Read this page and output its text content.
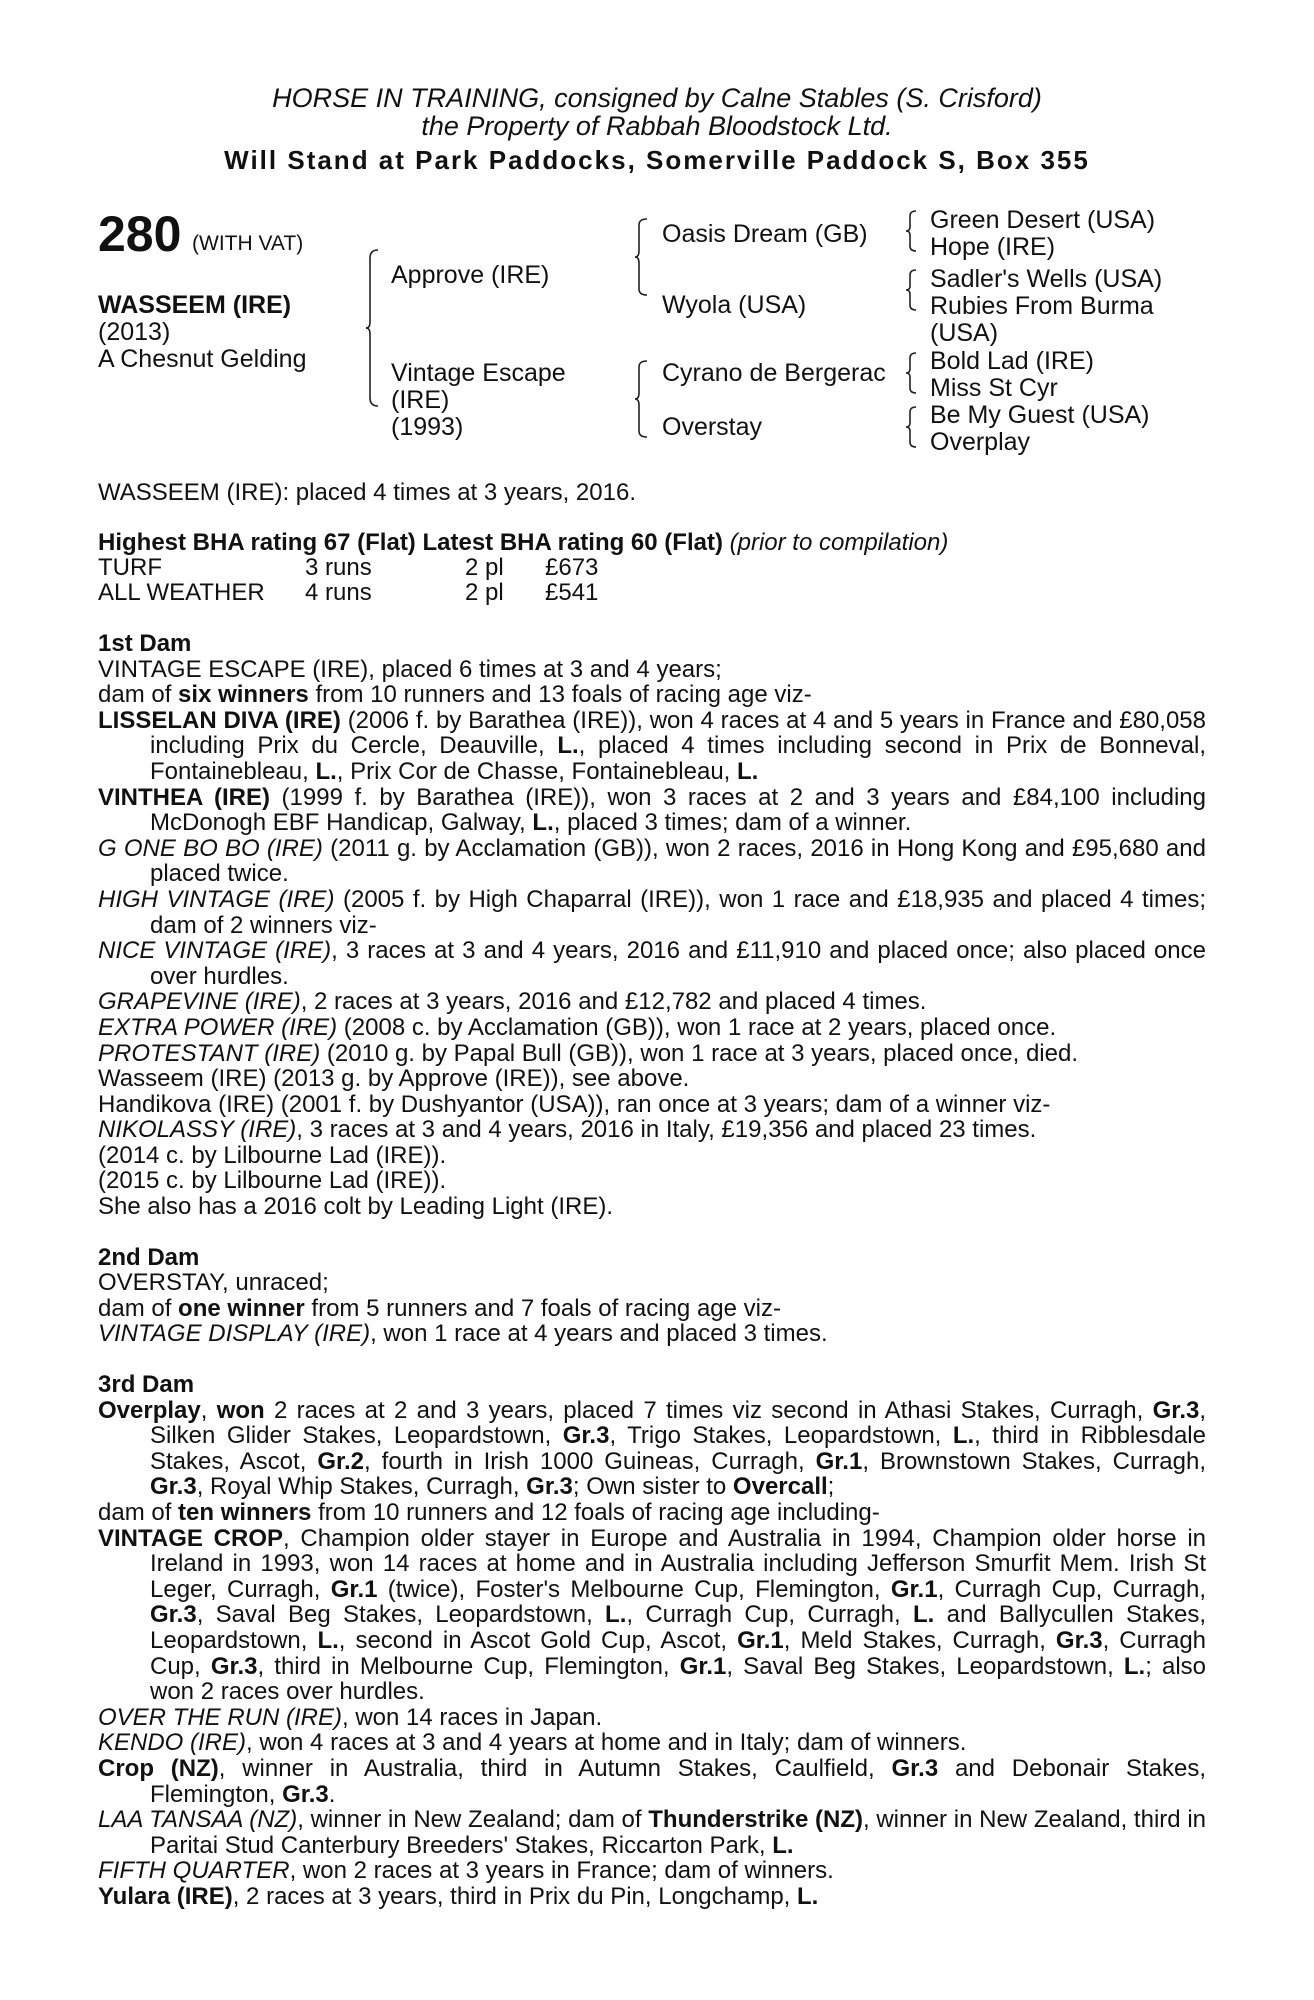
HORSE IN TRAINING, consigned by Calne Stables (S. Crisford)
the Property of Rabbah Bloodstock Ltd.
Will Stand at Park Paddocks, Somerville Paddock S, Box 355
280 (WITH VAT)
WASSEEM (IRE)
(2013)
A Chesnut Gelding
Approve (IRE)
Vintage Escape
(IRE)
(1993)
Oasis Dream (GB)
Wyola (USA)
Cyrano de Bergerac
Overstay
Green Desert (USA)
Hope (IRE)
Sadler's Wells (USA)
Rubies From Burma
(USA)
Bold Lad (IRE)
Miss St Cyr
Be My Guest (USA)
Overplay
WASSEEM (IRE): placed 4 times at 3 years, 2016.
Highest BHA rating 67 (Flat) Latest BHA rating 60 (Flat) (prior to compilation)
TURF	3 runs	2 pl	£673
ALL WEATHER	4 runs	2 pl	£541

1st Dam

VINTAGE ESCAPE (IRE), placed 6 times at 3 and 4 years;

dam of six winners from 10 runners and 13 foals of racing age viz-

LISSELAN DIVA (IRE) (2006 f. by Barathea (IRE)), won 4 races at 4 and 5 years in France and £80,058 including Prix du Cercle, Deauville, L., placed 4 times including second in Prix de Bonneval, Fontainebleau, L., Prix Cor de Chasse, Fontainebleau, L.

VINTHEA (IRE) (1999 f. by Barathea (IRE)), won 3 races at 2 and 3 years and £84,100 including McDonogh EBF Handicap, Galway, L., placed 3 times; dam of a winner.

G ONE BO BO (IRE) (2011 g. by Acclamation (GB)), won 2 races, 2016 in Hong Kong and £95,680 and placed twice.

HIGH VINTAGE (IRE) (2005 f. by High Chaparral (IRE)), won 1 race and £18,935 and placed 4 times; dam of 2 winners viz-

NICE VINTAGE (IRE), 3 races at 3 and 4 years, 2016 and £11,910 and placed once; also placed once over hurdles.

GRAPEVINE (IRE), 2 races at 3 years, 2016 and £12,782 and placed 4 times.

EXTRA POWER (IRE) (2008 c. by Acclamation (GB)), won 1 race at 2 years, placed once.

PROTESTANT (IRE) (2010 g. by Papal Bull (GB)), won 1 race at 3 years, placed once, died.

Wasseem (IRE) (2013 g. by Approve (IRE)), see above.

Handikova (IRE) (2001 f. by Dushyantor (USA)), ran once at 3 years; dam of a winner viz-

NIKOLASSY (IRE), 3 races at 3 and 4 years, 2016 in Italy, £19,356 and placed 23 times.

(2014 c. by Lilbourne Lad (IRE)).

(2015 c. by Lilbourne Lad (IRE)).

She also has a 2016 colt by Leading Light (IRE).

2nd Dam

OVERSTAY, unraced;

dam of one winner from 5 runners and 7 foals of racing age viz-

VINTAGE DISPLAY (IRE), won 1 race at 4 years and placed 3 times.

3rd Dam

Overplay, won 2 races at 2 and 3 years, placed 7 times viz second in Athasi Stakes, Curragh, Gr.3, Silken Glider Stakes, Leopardstown, Gr.3, Trigo Stakes, Leopardstown, L., third in Ribblesdale Stakes, Ascot, Gr.2, fourth in Irish 1000 Guineas, Curragh, Gr.1, Brownstown Stakes, Curragh, Gr.3, Royal Whip Stakes, Curragh, Gr.3; Own sister to Overcall;

dam of ten winners from 10 runners and 12 foals of racing age including-

VINTAGE CROP, Champion older stayer in Europe and Australia in 1994, Champion older horse in Ireland in 1993, won 14 races at home and in Australia including Jefferson Smurfit Mem. Irish St Leger, Curragh, Gr.1 (twice), Foster's Melbourne Cup, Flemington, Gr.1, Curragh Cup, Curragh, Gr.3, Saval Beg Stakes, Leopardstown, L., Curragh Cup, Curragh, L. and Ballycullen Stakes, Leopardstown, L., second in Ascot Gold Cup, Ascot, Gr.1, Meld Stakes, Curragh, Gr.3, Curragh Cup, Gr.3, third in Melbourne Cup, Flemington, Gr.1, Saval Beg Stakes, Leopardstown, L.; also won 2 races over hurdles.

OVER THE RUN (IRE), won 14 races in Japan.

KENDO (IRE), won 4 races at 3 and 4 years at home and in Italy; dam of winners.

Crop (NZ), winner in Australia, third in Autumn Stakes, Caulfield, Gr.3 and Debonair Stakes, Flemington, Gr.3.

LAA TANSAA (NZ), winner in New Zealand; dam of Thunderstrike (NZ), winner in New Zealand, third in Paritai Stud Canterbury Breeders' Stakes, Riccarton Park, L.

FIFTH QUARTER, won 2 races at 3 years in France; dam of winners.

Yulara (IRE), 2 races at 3 years, third in Prix du Pin, Longchamp, L.
